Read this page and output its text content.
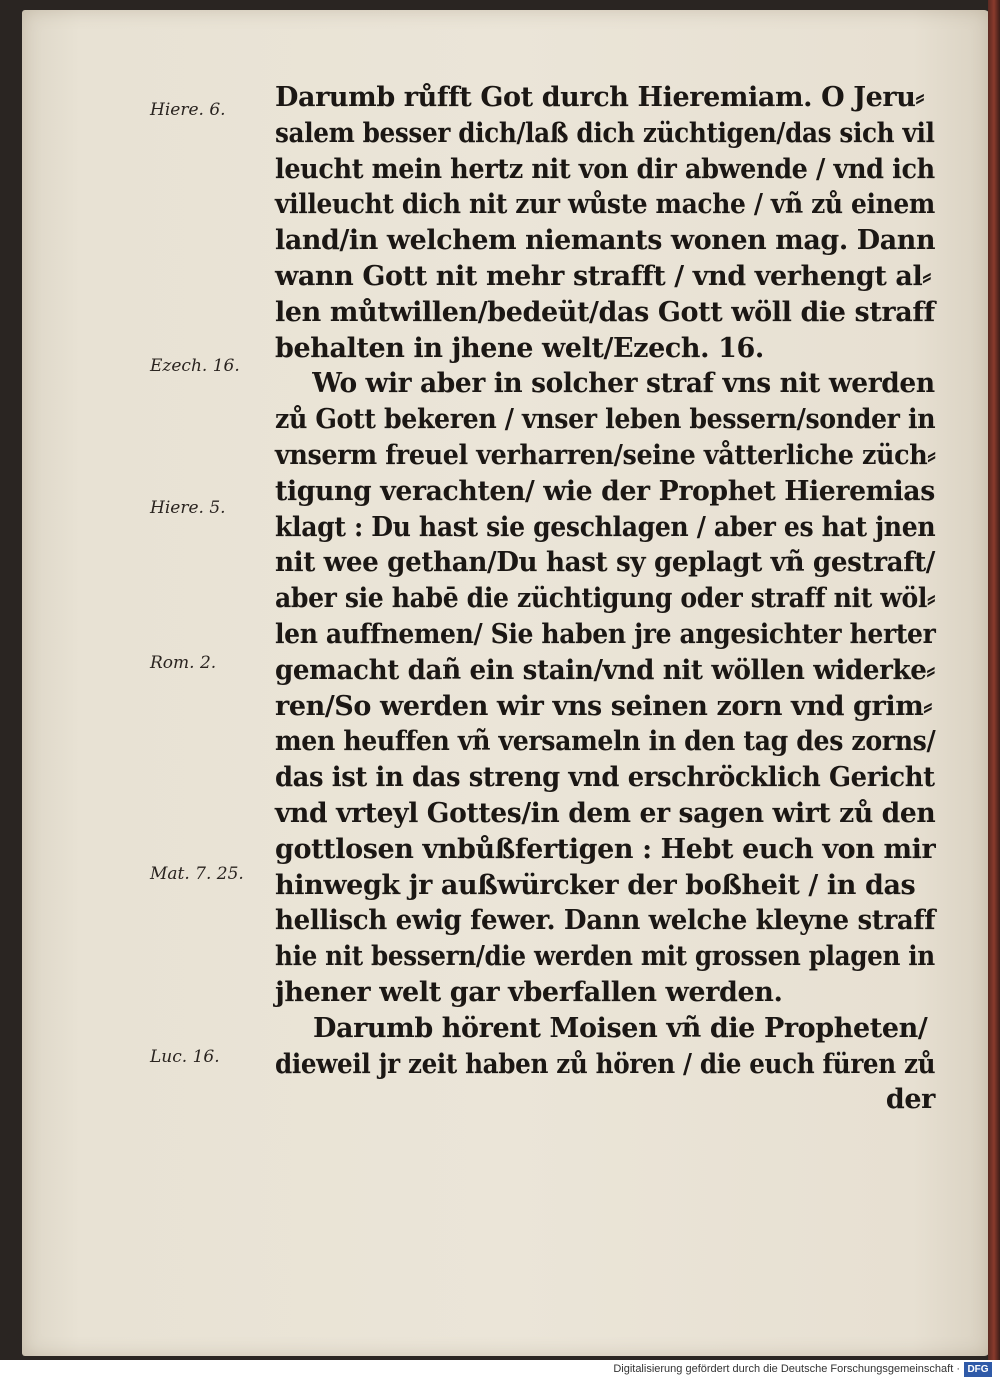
Darumb růfft Got durch Hieremiam. O Jeru⸗
salem besser dich/laß dich züchtigen/das sich vil
leucht mein hertz nit von dir abwende / vnd ich
villeucht dich nit zur wůste mache / vñ zů einem
land/in welchem niemants wonen mag. Dann
wann Gott nit mehr strafft / vnd verhengt al⸗
len můtwillen/bedeüt/das Gott wöll die straff
behalten in jhene welt/Ezech. 16.
Wo wir aber in solcher straf vns nit werden
zů Gott bekeren / vnser leben bessern/sonder in
vnserm freuel verharren/seine våtterliche züch⸗
tigung verachten/ wie der Prophet Hieremias
klagt : Du hast sie geschlagen / aber es hat jnen
nit wee gethan/Du hast sy geplagt vñ gestraft/
aber sie habē die züchtigung oder straff nit wöl⸗
len auffnemen/ Sie haben jre angesichter herter
gemacht dañ ein stain/vnd nit wöllen widerke⸗
ren/So werden wir vns seinen zorn vnd grim⸗
men heuffen vñ versameln in den tag des zorns/
das ist in das streng vnd erschröcklich Gericht
vnd vrteyl Gottes/in dem er sagen wirt zů den
gottlosen vnbůßfertigen : Hebt euch von mir
hinwegk jr außwürcker der boßheit / in das
hellisch ewig fewer. Dann welche kleyne straff
hie nit bessern/die werden mit grossen plagen in
jhener welt gar vberfallen werden.
Darumb hörent Moisen vñ die Propheten/
dieweil jr zeit haben zů hören / die euch füren zů
der
Hiere. 6.
Ezech. 16.
Hiere. 5.
Rom. 2.
Mat. 7. 25.
Luc. 16.
Digitalisierung gefördert durch die Deutsche Forschungsgemeinschaft · DFG
